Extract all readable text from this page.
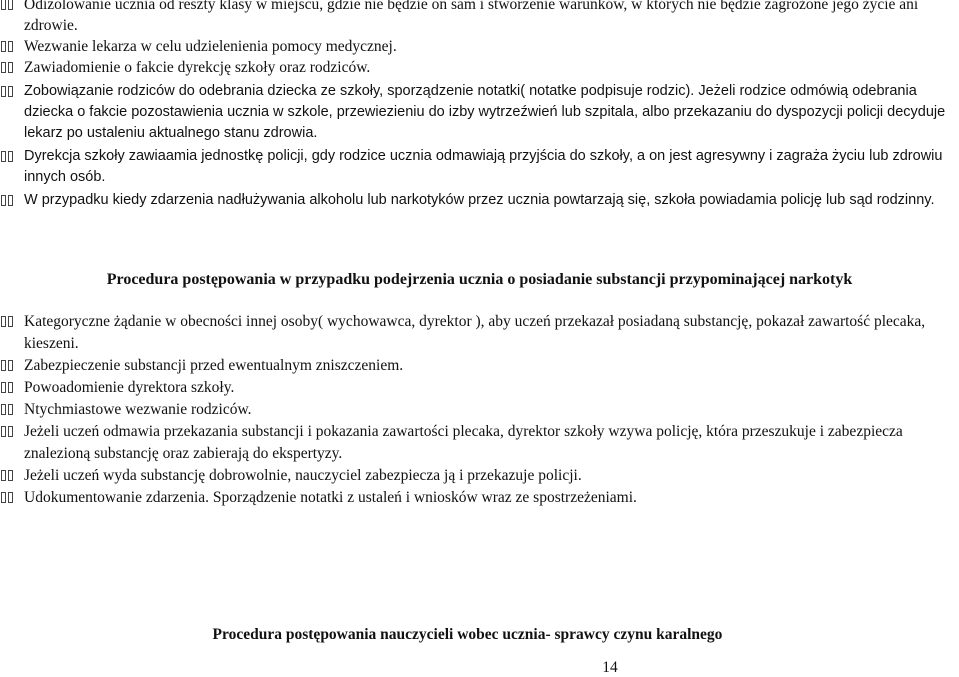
Odizolowanie ucznia od reszty klasy w miejscu, gdzie nie będzie on sam i stworzenie warunków, w których nie będzie zagrożone jego życie ani zdrowie.
Wezwanie lekarza w celu udzielenienia pomocy medycznej.
Zawiadomienie o fakcie dyrekcję szkoły oraz rodziców.
Zobowiązanie rodziców do odebrania dziecka ze szkoły, sporządzenie notatki( notatke podpisuje rodzic). Jeżeli rodzice odmówią odebrania dziecka o fakcie pozostawienia ucznia w szkole, przewiezieniu do izby wytrzeźwień lub szpitala, albo przekazaniu do dyspozycji policji decyduje lekarz po ustaleniu aktualnego stanu zdrowia.
Dyrekcja szkoły zawiaamia jednostkę policji, gdy rodzice ucznia odmawiają przyjścia do szkoły, a on jest agresywny i zagraża życiu lub zdrowiu innych osób.
W przypadku kiedy zdarzenia nadłużywania alkoholu lub narkotyków przez ucznia powtarzają się, szkoła powiadamia policję lub sąd rodzinny.
Procedura postępowania w przypadku podejrzenia ucznia o posiadanie substancji przypominającej narkotyk
Kategoryczne żądanie w obecności innej osoby( wychowawca, dyrektor ), aby uczeń przekazał posiadaną substancję, pokazał zawartość plecaka, kieszeni.
Zabezpieczenie substancji przed ewentualnym zniszczeniem.
Powoadomienie dyrektora szkoły.
Ntychmiastowe wezwanie rodziców.
Jeżeli uczeń odmawia przekazania substancji i pokazania zawartości plecaka, dyrektor szkoły wzywa policję, która przeszukuje i zabezpiecza znalezioną substancję oraz zabierają do ekspertyzy.
Jeżeli uczeń wyda substancję dobrowolnie, nauczyciel zabezpiecza ją i przekazuje policji.
Udokumentowanie zdarzenia. Sporządzenie notatki z ustaleń i wniosków wraz ze spostrzeżeniami.
Procedura postępowania nauczycieli wobec ucznia- sprawcy czynu karalnego
14
